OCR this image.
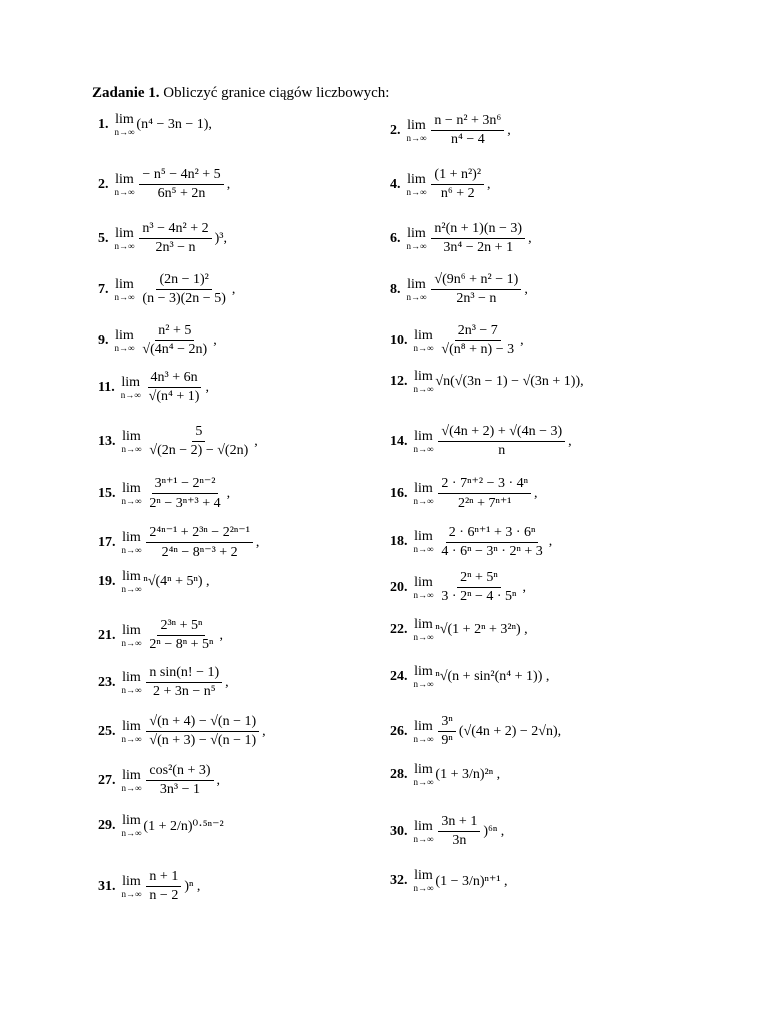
Zadanie 1. Obliczyć granice ciągów liczbowych:
1. lim
n→∞ (n⁴ − 3n − 1),	2. lim
$n\to\infty \frac{\text{n − n² + 3n⁶}}{\text{n⁴ − 4}}$ ,
2. lim
$n\to\infty \frac{\text{− n⁵ − 4n² + 5}}{\text{6n⁵ + 2n}}$ ,	4. lim
$n\to\infty \frac{\text{(1 + n²)²}}{\text{n⁶ + 2}}$ ,
5. lim
$n\to\infty \frac{\text{n³ − 4n² + 2}}{\text{2n³ − n}} )^3$,	6. lim
$n\to\infty \frac{\text{n²(n + 1)(n − 3)}}{\text{3n⁴ − 2n + 1}}$ ,
7. lim
$n\to\infty \frac{\text{(2n − 1)²}}{(n - 3)(2n - 5)}$ ,	8. lim
$n\to\infty \frac{\text{√(9n⁶ + n² − 1)}}{\text{2n³ − n}}$ ,
9. lim
$n\to\infty \frac{\text{n² + 5}}{\text{√(4n⁴ − 2n)}}$ ,	10. lim
$n\to\infty \frac{\text{2n³ − 7}}{\text{√(n⁸ + n) − 3}}$ ,
11. lim
$n\to\infty \frac{\text{4n³ + 6n}}{\text{√(n⁴ + 1)}}$ ,	12. lim
n→∞ √n(√(3n − 1) − √(3n + 1)),
13. lim
$n\to\infty \frac{5}{√(2n - 2) - √(2n)}$ ,	14. lim
$n\to\infty \frac{√(4n + 2) + √(4n - 3)}{n}$ ,
15. lim
$n\to\infty \frac{\text{3ⁿ⁺¹ − 2ⁿ⁻²}}{\text{2ⁿ − 3ⁿ⁺³ + 4}}$ ,	16. lim
$n\to\infty \frac{\text{2 · 7ⁿ⁺² − 3 · 4ⁿ}}{\text{2²ⁿ + 7ⁿ⁺¹}}$ ,
17. lim
$n\to\infty \frac{\text{2⁴ⁿ⁻¹ + 2³ⁿ − 2²ⁿ⁻¹}}{\text{2⁴ⁿ − 8ⁿ⁻³ + 2}}$ ,	18. lim
$n\to\infty \frac{\text{2 · 6ⁿ⁺¹ + 3 · 6ⁿ}}{\text{4 · 6ⁿ − 3ⁿ · 2ⁿ + 3}}$ ,
19. lim
n→∞ ⁿ√(4ⁿ + 5ⁿ) ,	20. lim
$n\to\infty \frac{\text{2ⁿ + 5ⁿ}}{\text{3 · 2ⁿ − 4 · 5ⁿ}}$ ,
21. lim
$n\to\infty \frac{\text{2³ⁿ + 5ⁿ}}{\text{2ⁿ − 8ⁿ + 5ⁿ}}$ ,	22. lim
n→∞ ⁿ√(1 + 2ⁿ + 3²ⁿ) ,
23. lim
$n\to\infty \frac{\text{n sin(n! − 1)}}{\text{2 + 3n − n⁵}}$ ,	24. lim
n→∞ ⁿ√(n + sin²(n⁴ + 1)) ,
25. lim
$n\to\infty \frac{√(n + 4) - √(n - 1)}{√(n + 3) - √(n - 1)}$ ,	26. lim
$n\to\infty \frac{\text{3ⁿ}}{\text{9ⁿ}} (√(4n + 2) - 2√n)$,
27. lim
$n\to\infty \frac{\text{cos²(n + 3)}}{\text{3n³ − 1}}$ ,	28. lim
n→∞ (1 + 3/n)²ⁿ ,
29. lim
n→∞ (1 + 2/n)⁰·⁵ⁿ⁻²	30. lim
$n\to\infty \frac{3n + 1}{3n} )^{6n}$ ,
31. lim
$n\to\infty \frac{n + 1}{n - 2} )^n$ ,	32. lim
n→∞ (1 − 3/n)ⁿ⁺¹ ,
